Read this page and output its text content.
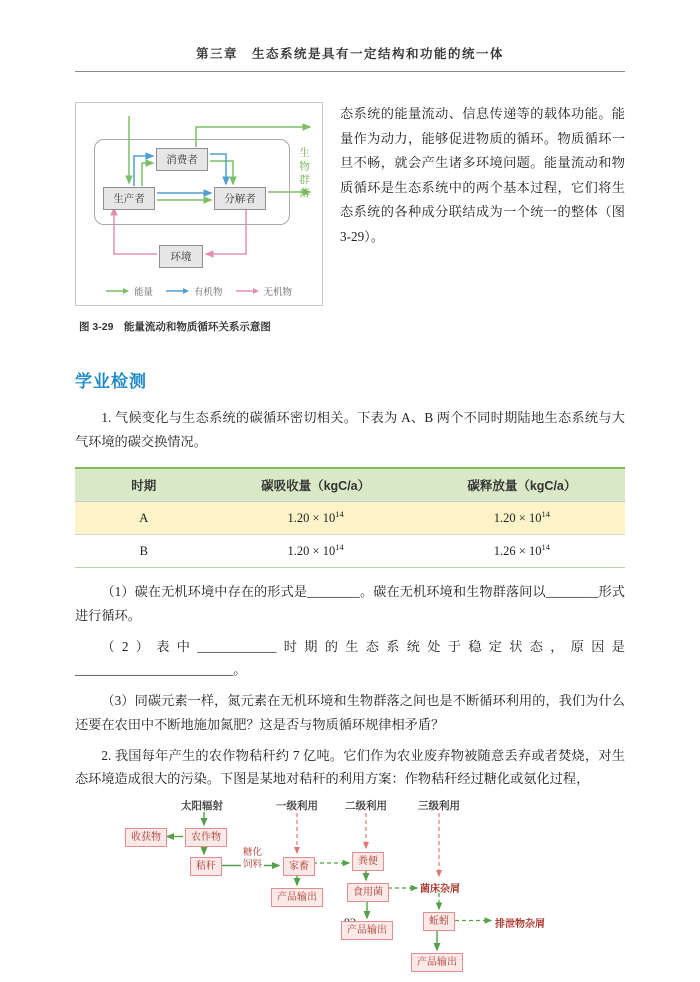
第三章　生态系统是具有一定结构和功能的统一体
消费者
生产者	分解者
环境
生物群落
能量	有机物	无机物
图 3-29　能量流动和物质循环关系示意图
态系统的能量流动、信息传递等的载体功能。能量作为动力，能够促进物质的循环。物质循环一旦不畅，就会产生诸多环境问题。能量流动和物质循环是生态系统中的两个基本过程，它们将生态系统的各种成分联结成为一个统一的整体（图 3-29）。
学业检测
1. 气候变化与生态系统的碳循环密切相关。下表为 A、B 两个不同时期陆地生态系统与大气环境的碳交换情况。
时期	碳吸收量（kgC/a）	碳释放量（kgC/a）
A	$1.20 \times 10^{14}$	$1.20 \times 10^{14}$
B	$1.20 \times 10^{14}$	$1.26 \times 10^{14}$
（1）碳在无机环境中存在的形式是________。碳在无机环境和生物群落间以________形式进行循环。
（2）表中____________时期的生态系统处于稳定状态，原因是________________________。
（3）同碳元素一样，氮元素在无机环境和生物群落之间也是不断循环利用的，我们为什么还要在农田中不断地施加氮肥？这是否与物质循环规律相矛盾？
2. 我国每年产生的农作物秸秆约 7 亿吨。它们作为农业废弃物被随意丢弃或者焚烧，对生态环境造成很大的污染。下图是某地对秸秆的利用方案：作物秸秆经过糖化或氨化过程，
太阳辐射	一级利用	二级利用	三级利用
收获物	农作物
秸秆
糖化
饲料	家畜	粪便
产品输出	食用菌	菌床杂屑
产品输出
蚯蚓	排泄物杂屑
产品输出
